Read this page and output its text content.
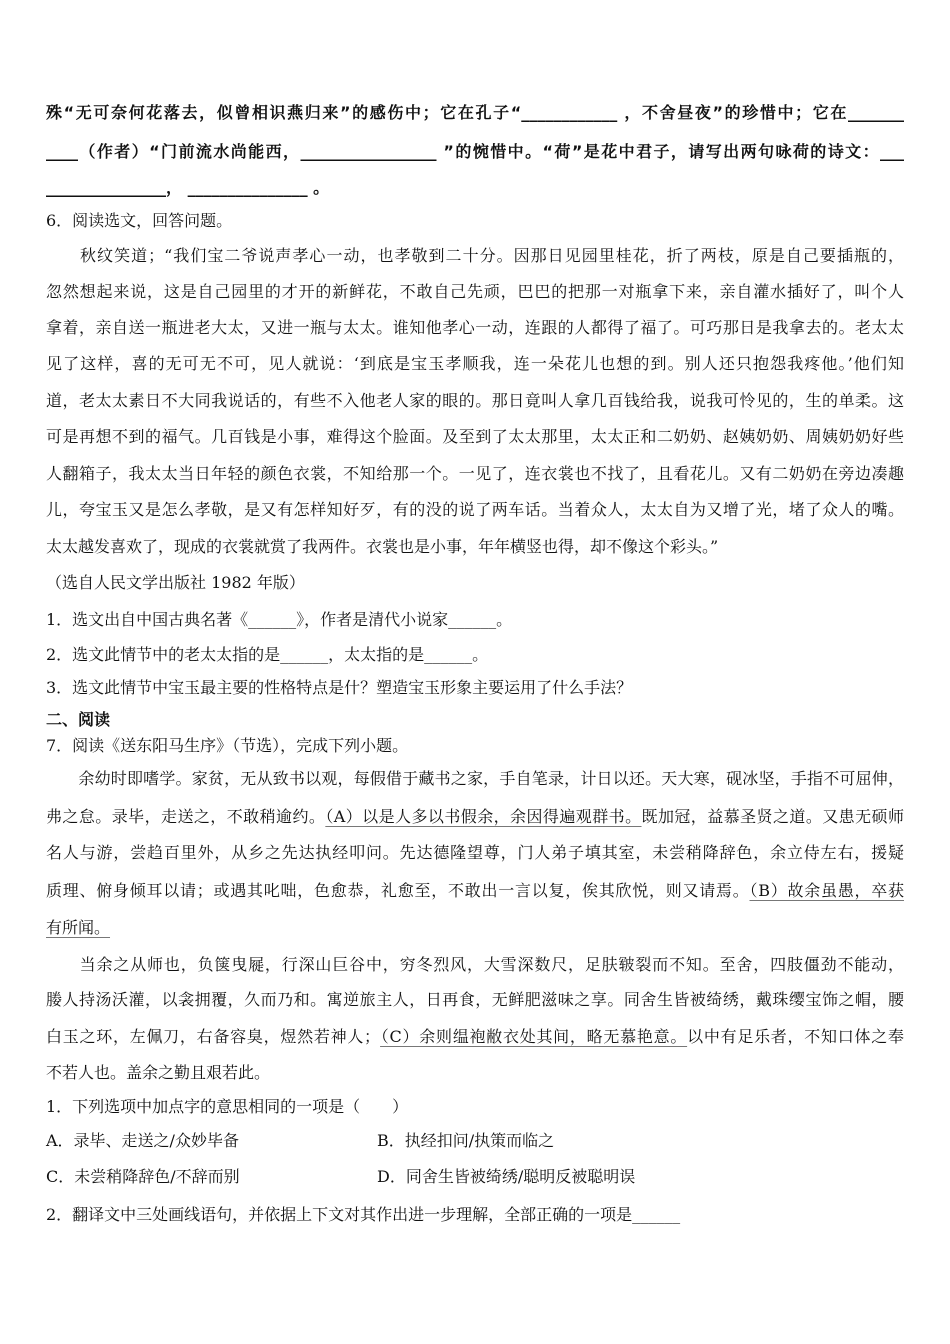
殊“无可奈何花落去，似曾相识燕归来”的感伤中；它在孔子“____________ ，不舍昼夜”的珍惜中；它在_______
____（作者）“门前流水尚能西，_________________ ”的惋惜中。“荷”是花中君子，请写出两句咏荷的诗文：___
_______________， _______________ 。
6．阅读选文，回答问题。
　　秋纹笑道；“我们宝二爷说声孝心一动，也孝敬到二十分。因那日见园里桂花，折了两枝，原是自己要插瓶的，
忽然想起来说，这是自己园里的才开的新鲜花，不敢自己先顽，巴巴的把那一对瓶拿下来，亲自灌水插好了，叫个人
拿着，亲自送一瓶进老大太，又进一瓶与太太。谁知他孝心一动，连跟的人都得了福了。可巧那日是我拿去的。老太太
见了这样，喜的无可无不可，见人就说：‘到底是宝玉孝顺我，连一朵花儿也想的到。别人还只抱怨我疼他。’他们知
道，老太太素日不大同我说话的，有些不入他老人家的眼的。那日竟叫人拿几百钱给我，说我可怜见的，生的单柔。这
可是再想不到的福气。几百钱是小事，难得这个脸面。及至到了太太那里，太太正和二奶奶、赵姨奶奶、周姨奶奶好些
人翻箱子，我太太当日年轻的颜色衣裳，不知给那一个。一见了，连衣裳也不找了，且看花儿。又有二奶奶在旁边凑趣
儿，夸宝玉又是怎么孝敬，是又有怎样知好歹，有的没的说了两车话。当着众人，太太自为又增了光，堵了众人的嘴。
太太越发喜欢了，现成的衣裳就赏了我两件。衣裳也是小事，年年横竖也得，却不像这个彩头。”
（选自人民文学出版社 1982 年版）
1．选文出自中国古典名著《______》，作者是清代小说家______。
2．选文此情节中的老太太指的是______，太太指的是______。
3．选文此情节中宝玉最主要的性格特点是什？塑造宝玉形象主要运用了什么手法？
二、阅读
7．阅读《送东阳马生序》（节选），完成下列小题。
　　余幼时即嗜学。家贫，无从致书以观，每假借于藏书之家，手自笔录，计日以还。天大寒，砚冰坚，手指不可屈伸，
弗之怠。录毕，走送之，不敢稍逾约。（A）以是人多以书假余，余因得遍观群书。既加冠，益慕圣贤之道。又患无硕师
名人与游，尝趋百里外，从乡之先达执经叩问。先达德隆望尊，门人弟子填其室，未尝稍降辞色，余立侍左右，援疑
质理、俯身倾耳以请；或遇其叱咄，色愈恭，礼愈至，不敢出一言以复，俟其欣悦，则又请焉。（B）故余虽愚，卒获
有所闻。
　　当余之从师也，负箧曳屣，行深山巨谷中，穷冬烈风，大雪深数尺，足肤皲裂而不知。至舍，四肢僵劲不能动，
媵人持汤沃灌，以衾拥覆，久而乃和。寓逆旅主人，日再食，无鲜肥滋味之享。同舍生皆被绮绣，戴珠缨宝饰之帽，腰
白玉之环，左佩刀，右备容臭，煜然若神人；（C）余则缊袍敝衣处其间，略无慕艳意。以中有足乐者，不知口体之奉
不若人也。盖余之勤且艰若此。
1．下列选项中加点字的意思相同的一项是（　　）
A．录毕、走送之/众妙毕备	B．执经扣问/执策而临之
C．未尝稍降辞色/不辞而别	D．同舍生皆被绮绣/聪明反被聪明误
2．翻译文中三处画线语句，并依据上下文对其作出进一步理解，全部正确的一项是______
